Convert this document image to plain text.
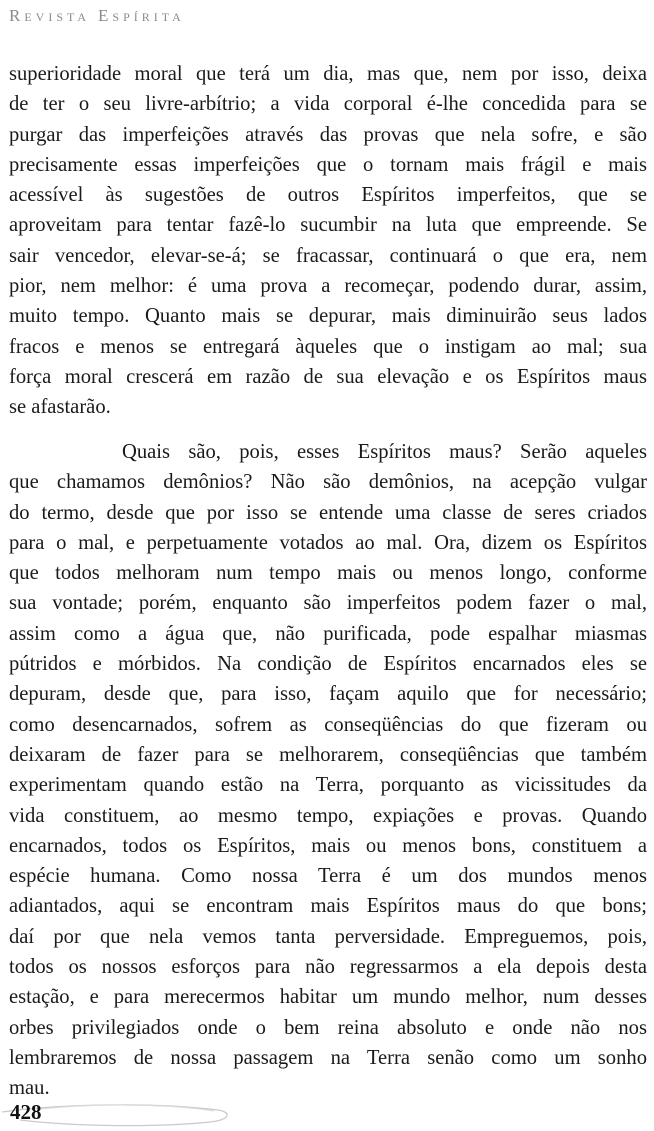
Revista Espírita
superioridade moral que terá um dia, mas que, nem por isso, deixa
de ter o seu livre-arbítrio; a vida corporal é-lhe concedida para se
purgar das imperfeições através das provas que nela sofre, e são
precisamente essas imperfeições que o tornam mais frágil e mais
acessível às sugestões de outros Espíritos imperfeitos, que se
aproveitam para tentar fazê-lo sucumbir na luta que empreende. Se
sair vencedor, elevar-se-á; se fracassar, continuará o que era, nem
pior, nem melhor: é uma prova a recomeçar, podendo durar, assim,
muito tempo. Quanto mais se depurar, mais diminuirão seus lados
fracos e menos se entregará àqueles que o instigam ao mal; sua
força moral crescerá em razão de sua elevação e os Espíritos maus
se afastarão.
Quais são, pois, esses Espíritos maus? Serão aqueles
que chamamos demônios? Não são demônios, na acepção vulgar
do termo, desde que por isso se entende uma classe de seres criados
para o mal, e perpetuamente votados ao mal. Ora, dizem os Espíritos
que todos melhoram num tempo mais ou menos longo, conforme
sua vontade; porém, enquanto são imperfeitos podem fazer o mal,
assim como a água que, não purificada, pode espalhar miasmas
pútridos e mórbidos. Na condição de Espíritos encarnados eles se
depuram, desde que, para isso, façam aquilo que for necessário;
como desencarnados, sofrem as conseqüências do que fizeram ou
deixaram de fazer para se melhorarem, conseqüências que também
experimentam quando estão na Terra, porquanto as vicissitudes da
vida constituem, ao mesmo tempo, expiações e provas. Quando
encarnados, todos os Espíritos, mais ou menos bons, constituem a
espécie humana. Como nossa Terra é um dos mundos menos
adiantados, aqui se encontram mais Espíritos maus do que bons;
daí por que nela vemos tanta perversidade. Empreguemos, pois,
todos os nossos esforços para não regressarmos a ela depois desta
estação, e para merecermos habitar um mundo melhor, num desses
orbes privilegiados onde o bem reina absoluto e onde não nos
lembraremos de nossa passagem na Terra senão como um sonho
mau.
428
